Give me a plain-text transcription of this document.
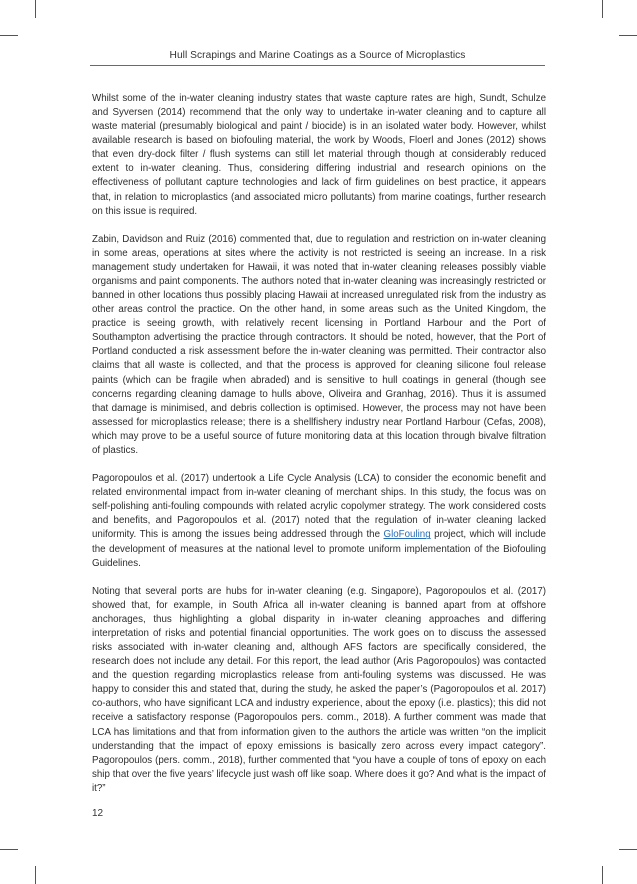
Hull Scrapings and Marine Coatings as a Source of Microplastics

Whilst some of the in-water cleaning industry states that waste capture rates are high, Sundt, Schulze and Syversen (2014) recommend that the only way to undertake in-water cleaning and to capture all waste material (presumably biological and paint / biocide) is in an isolated water body. However, whilst available research is based on biofouling material, the work by Woods, Floerl and Jones (2012) shows that even dry-dock filter / flush systems can still let material through though at considerably reduced extent to in-water cleaning. Thus, considering differing industrial and research opinions on the effectiveness of pollutant capture technologies and lack of firm guidelines on best practice, it appears that, in relation to microplastics (and associated micro pollutants) from marine coatings, further research on this issue is required.

Zabin, Davidson and Ruiz (2016) commented that, due to regulation and restriction on in-water cleaning in some areas, operations at sites where the activity is not restricted is seeing an increase. In a risk management study undertaken for Hawaii, it was noted that in-water cleaning releases possibly viable organisms and paint components. The authors noted that in-water cleaning was increasingly restricted or banned in other locations thus possibly placing Hawaii at increased unregulated risk from the industry as other areas control the practice. On the other hand, in some areas such as the United Kingdom, the practice is seeing growth, with relatively recent licensing in Portland Harbour and the Port of Southampton advertising the practice through contractors. It should be noted, however, that the Port of Portland conducted a risk assessment before the in-water cleaning was permitted. Their contractor also claims that all waste is collected, and that the process is approved for cleaning silicone foul release paints (which can be fragile when abraded) and is sensitive to hull coatings in general (though see concerns regarding cleaning damage to hulls above, Oliveira and Granhag, 2016). Thus it is assumed that damage is minimised, and debris collection is optimised. However, the process may not have been assessed for microplastics release; there is a shellfishery industry near Portland Harbour (Cefas, 2008), which may prove to be a useful source of future monitoring data at this location through bivalve filtration of plastics.

Pagoropoulos et al. (2017) undertook a Life Cycle Analysis (LCA) to consider the economic benefit and related environmental impact from in-water cleaning of merchant ships. In this study, the focus was on self-polishing anti-fouling compounds with related acrylic copolymer strategy. The work considered costs and benefits, and Pagoropoulos et al. (2017) noted that the regulation of in-water cleaning lacked uniformity. This is among the issues being addressed through the GloFouling project, which will include the development of measures at the national level to promote uniform implementation of the Biofouling Guidelines.

Noting that several ports are hubs for in-water cleaning (e.g. Singapore), Pagoropoulos et al. (2017) showed that, for example, in South Africa all in-water cleaning is banned apart from at offshore anchorages, thus highlighting a global disparity in in-water cleaning approaches and differing interpretation of risks and potential financial opportunities. The work goes on to discuss the assessed risks associated with in-water cleaning and, although AFS factors are specifically considered, the research does not include any detail. For this report, the lead author (Aris Pagoropoulos) was contacted and the question regarding microplastics release from anti-fouling systems was discussed. He was happy to consider this and stated that, during the study, he asked the paper’s (Pagoropoulos et al. 2017) co-authors, who have significant LCA and industry experience, about the epoxy (i.e. plastics); this did not receive a satisfactory response (Pagoropoulos pers. comm., 2018). A further comment was made that LCA has limitations and that from information given to the authors the article was written “on the implicit understanding that the impact of epoxy emissions is basically zero across every impact category”. Pagoropoulos (pers. comm., 2018), further commented that “you have a couple of tons of epoxy on each ship that over the five years’ lifecycle just wash off like soap. Where does it go? And what is the impact of it?”

12
